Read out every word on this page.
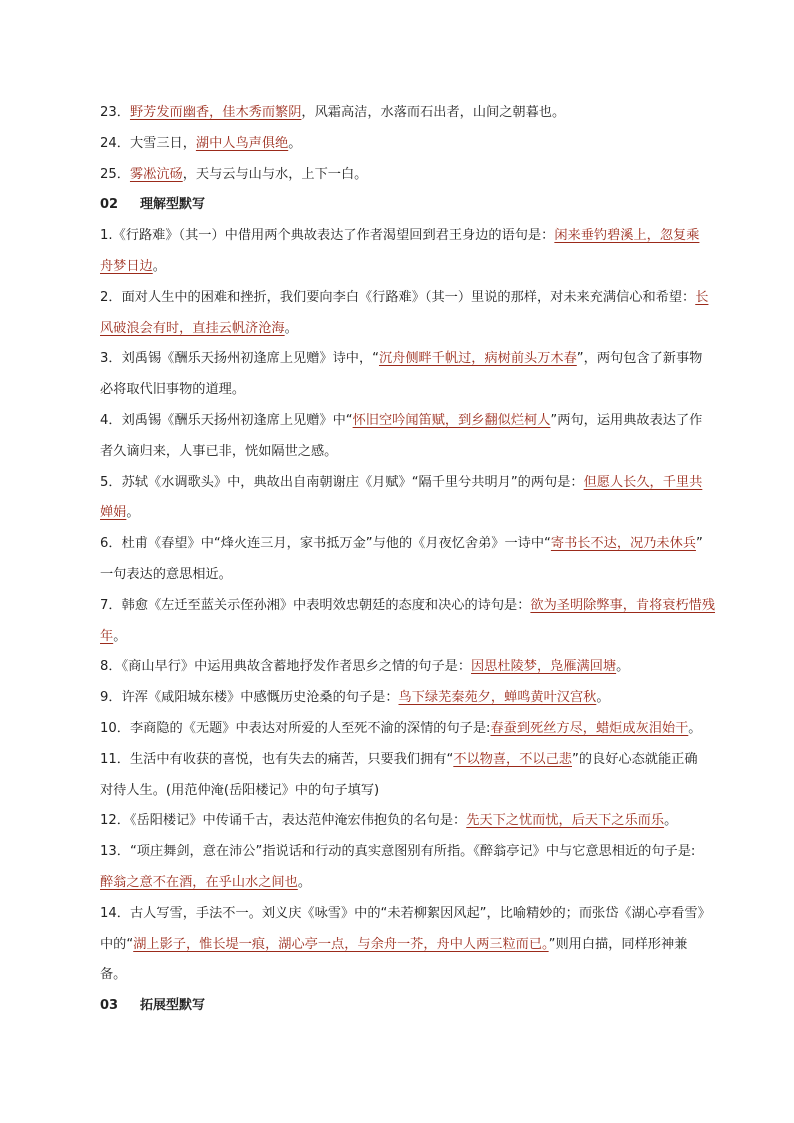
23．野芳发而幽香，佳木秀而繁阴，风霜高洁，水落而石出者，山间之朝暮也。
24．大雪三日，湖中人鸟声俱绝。
25．雾凇沆砀，天与云与山与水，上下一白。
02 理解型默写
1.《行路难》（其一）中借用两个典故表达了作者渴望回到君王身边的语句是：闲来垂钓碧溪上，忽复乘
舟梦日边。
2．面对人生中的困难和挫折，我们要向李白《行路难》（其一）里说的那样，对未来充满信心和希望：长
风破浪会有时，直挂云帆济沧海。
3．刘禹锡《酬乐天扬州初逢席上见赠》诗中，“沉舟侧畔千帆过，病树前头万木春”，两句包含了新事物
必将取代旧事物的道理。
4．刘禹锡《酬乐天扬州初逢席上见赠》中“怀旧空吟闻笛赋，到乡翻似烂柯人”两句，运用典故表达了作
者久谪归来，人事已非，恍如隔世之感。
5．苏轼《水调歌头》中，典故出自南朝谢庄《月赋》“隔千里兮共明月”的两句是：但愿人长久，千里共
婵娟。
6．杜甫《春望》中“烽火连三月，家书抵万金”与他的《月夜忆舍弟》一诗中“寄书长不达，况乃未休兵”
一句表达的意思相近。
7．韩愈《左迁至蓝关示侄孙湘》中表明效忠朝廷的态度和决心的诗句是：欲为圣明除弊事，肯将衰朽惜残
年。
8．《商山早行》中运用典故含蓄地抒发作者思乡之情的句子是：因思杜陵梦，凫雁满回塘。
9．许浑《咸阳城东楼》中感慨历史沧桑的句子是：鸟下绿芜秦苑夕，蝉鸣黄叶汉宫秋。
10．李商隐的《无题》中表达对所爱的人至死不渝的深情的句子是:春蚕到死丝方尽，蜡炬成灰泪始干。
11．生活中有收获的喜悦，也有失去的痛苦，只要我们拥有“不以物喜，不以己悲”的良好心态就能正确
对待人生。(用范仲淹(岳阳楼记》中的句子填写)
12．《岳阳楼记》中传诵千古，表达范仲淹宏伟抱负的名句是：先天下之忧而忧，后天下之乐而乐。
13．“项庄舞剑，意在沛公”指说话和行动的真实意图别有所指。《醉翁亭记》中与它意思相近的句子是:
醉翁之意不在酒，在乎山水之间也。
14．古人写雪，手法不一。刘义庆《咏雪》中的“未若柳絮因风起”，比喻精妙的；而张岱《湖心亭看雪》
中的“湖上影子，惟长堤一痕，湖心亭一点，与余舟一芥，舟中人两三粒而已。”则用白描，同样形神兼
备。
03 拓展型默写
